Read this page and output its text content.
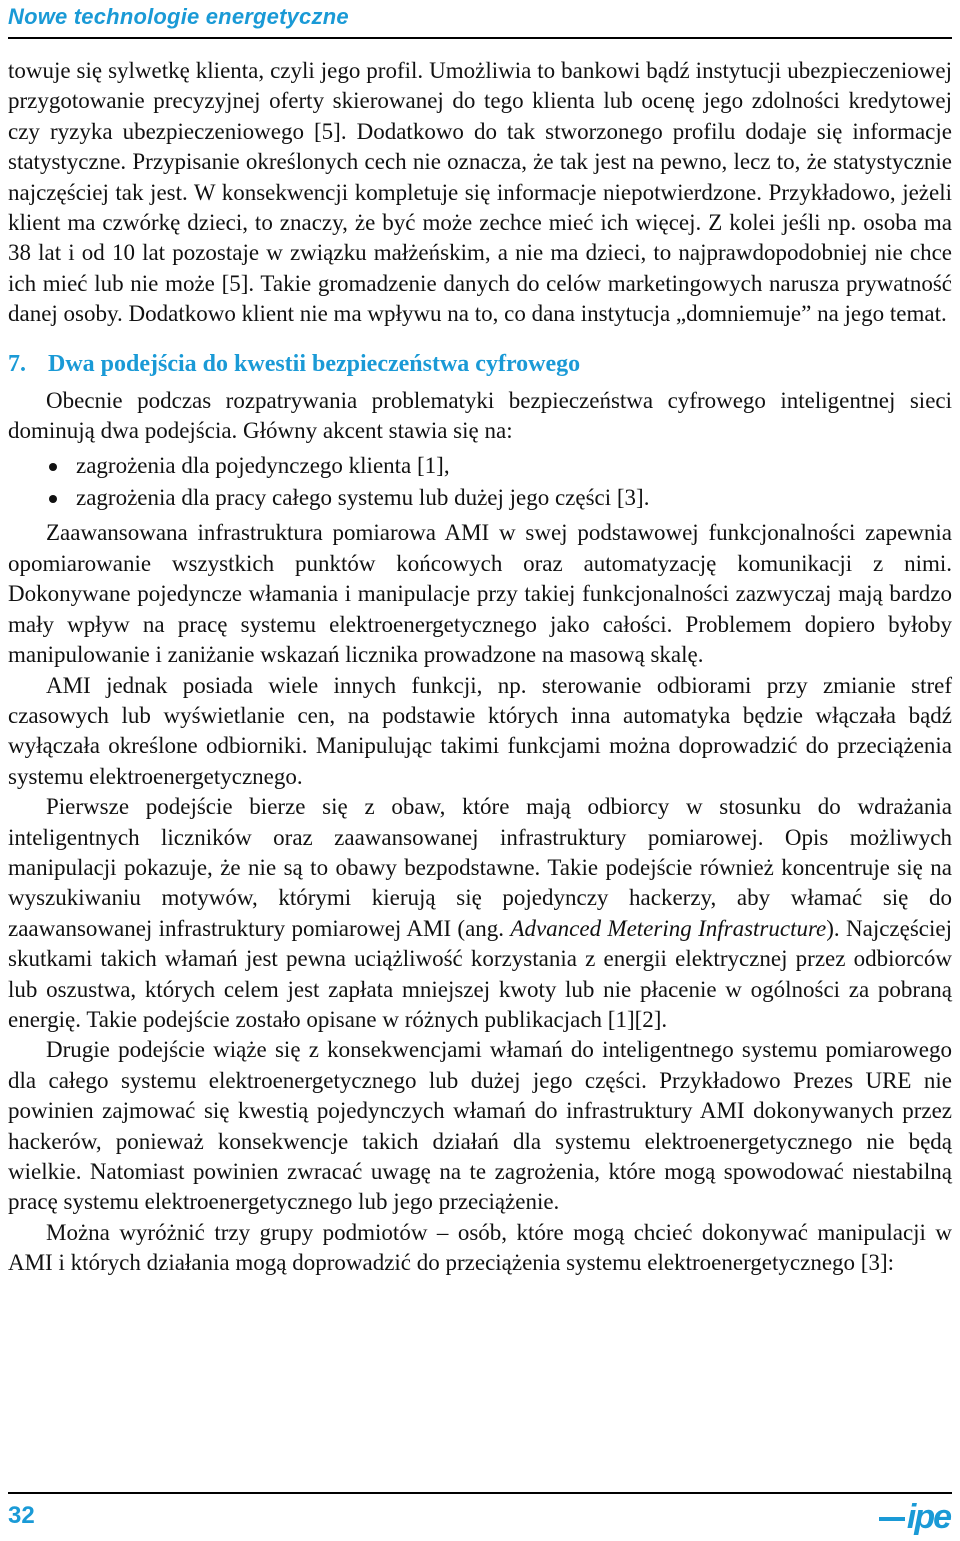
Nowe technologie energetyczne

towuje się sylwetkę klienta, czyli jego profil. Umożliwia to bankowi bądź instytucji ubezpieczeniowej przygotowanie precyzyjnej oferty skierowanej do tego klienta lub ocenę jego zdolności kredytowej czy ryzyka ubezpieczeniowego [5]. Dodatkowo do tak stworzonego profilu dodaje się informacje statystyczne. Przypisanie określonych cech nie oznacza, że tak jest na pewno, lecz to, że statystycznie najczęściej tak jest. W konsekwencji kompletuje się informacje niepotwierdzone. Przykładowo, jeżeli klient ma czwórkę dzieci, to znaczy, że być może zechce mieć ich więcej. Z kolei jeśli np. osoba ma 38 lat i od 10 lat pozostaje w związku małżeńskim, a nie ma dzieci, to najprawdopodobniej nie chce ich mieć lub nie może [5]. Takie gromadzenie danych do celów marketingowych narusza prywatność danej osoby. Dodatkowo klient nie ma wpływu na to, co dana instytucja „domniemuje” na jego temat.

7. Dwa podejścia do kwestii bezpieczeństwa cyfrowego

Obecnie podczas rozpatrywania problematyki bezpieczeństwa cyfrowego inteligentnej sieci dominują dwa podejścia. Główny akcent stawia się na:

zagrożenia dla pojedynczego klienta [1],
zagrożenia dla pracy całego systemu lub dużej jego części [3].

Zaawansowana infrastruktura pomiarowa AMI w swej podstawowej funkcjonalności zapewnia opomiarowanie wszystkich punktów końcowych oraz automatyzację komunikacji z nimi. Dokonywane pojedyncze włamania i manipulacje przy takiej funkcjonalności zazwyczaj mają bardzo mały wpływ na pracę systemu elektroenergetycznego jako całości. Problemem dopiero byłoby manipulowanie i zaniżanie wskazań licznika prowadzone na masową skalę.

AMI jednak posiada wiele innych funkcji, np. sterowanie odbiorami przy zmianie stref czasowych lub wyświetlanie cen, na podstawie których inna automatyka będzie włączała bądź wyłączała określone odbiorniki. Manipulując takimi funkcjami można doprowadzić do przeciążenia systemu elektroenergetycznego.

Pierwsze podejście bierze się z obaw, które mają odbiorcy w stosunku do wdrażania inteligentnych liczników oraz zaawansowanej infrastruktury pomiarowej. Opis możliwych manipulacji pokazuje, że nie są to obawy bezpodstawne. Takie podejście również koncentruje się na wyszukiwaniu motywów, którymi kierują się pojedynczy hackerzy, aby włamać się do zaawansowanej infrastruktury pomiarowej AMI (ang. Advanced Metering Infrastructure). Najczęściej skutkami takich włamań jest pewna uciążliwość korzystania z energii elektrycznej przez odbiorców lub oszustwa, których celem jest zapłata mniejszej kwoty lub nie płacenie w ogólności za pobraną energię. Takie podejście zostało opisane w różnych publikacjach [1][2].

Drugie podejście wiąże się z konsekwencjami włamań do inteligentnego systemu pomiarowego dla całego systemu elektroenergetycznego lub dużej jego części. Przykładowo Prezes URE nie powinien zajmować się kwestią pojedynczych włamań do infrastruktury AMI dokonywanych przez hackerów, ponieważ konsekwencje takich działań dla systemu elektroenergetycznego nie będą wielkie. Natomiast powinien zwracać uwagę na te zagrożenia, które mogą spowodować niestabilną pracę systemu elektroenergetycznego lub jego przeciążenie.

Można wyróżnić trzy grupy podmiotów – osób, które mogą chcieć dokonywać manipulacji w AMI i których działania mogą doprowadzić do przeciążenia systemu elektroenergetycznego [3]:

32	ipe
